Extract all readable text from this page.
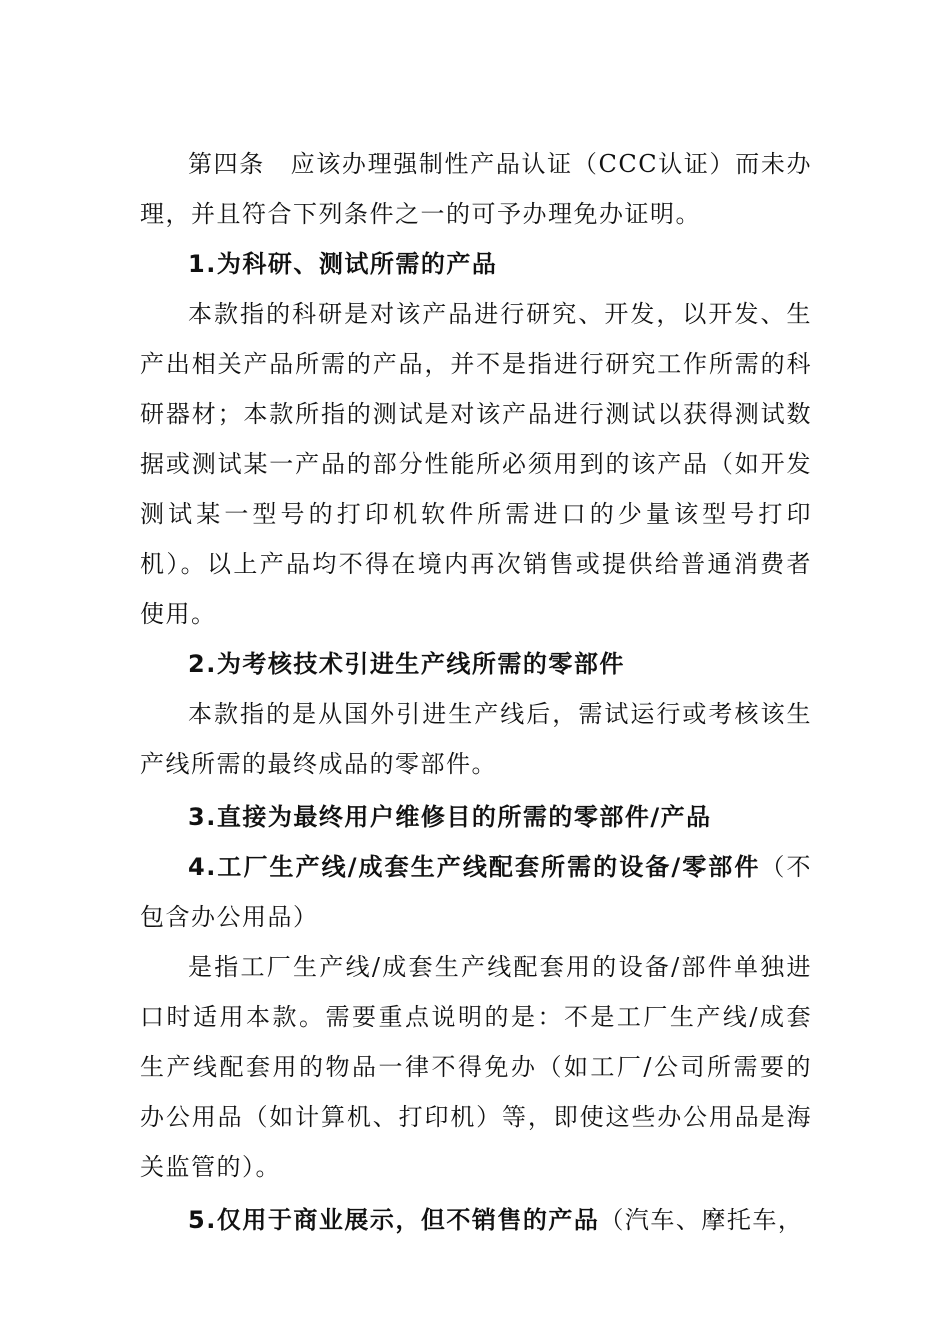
第四条　 应该办理强制性产品认证（CCC认证）而未办理，并且符合下列条件之一的可予办理免办证明。

1.为科研、测试所需的产品

本款指的科研是对该产品进行研究、开发，以开发、生产出相关产品所需的产品，并不是指进行研究工作所需的科研器材；本款所指的测试是对该产品进行测试以获得测试数据或测试某一产品的部分性能所必须用到的该产品（如开发测试某一型号的打印机软件所需进口的少量该型号打印机）。以上产品均不得在境内再次销售或提供给普通消费者使用。

2.为考核技术引进生产线所需的零部件

本款指的是从国外引进生产线后，需试运行或考核该生产线所需的最终成品的零部件。

3.直接为最终用户维修目的所需的零部件/产品

4.工厂生产线/成套生产线配套所需的设备/零部件（不包含办公用品）

是指工厂生产线/成套生产线配套用的设备/部件单独进口时适用本款。需要重点说明的是：不是工厂生产线/成套生产线配套用的物品一律不得免办（如工厂/公司所需要的办公用品（如计算机、打印机）等，即使这些办公用品是海关监管的）。

5.仅用于商业展示，但不销售的产品（汽车、摩托车，
